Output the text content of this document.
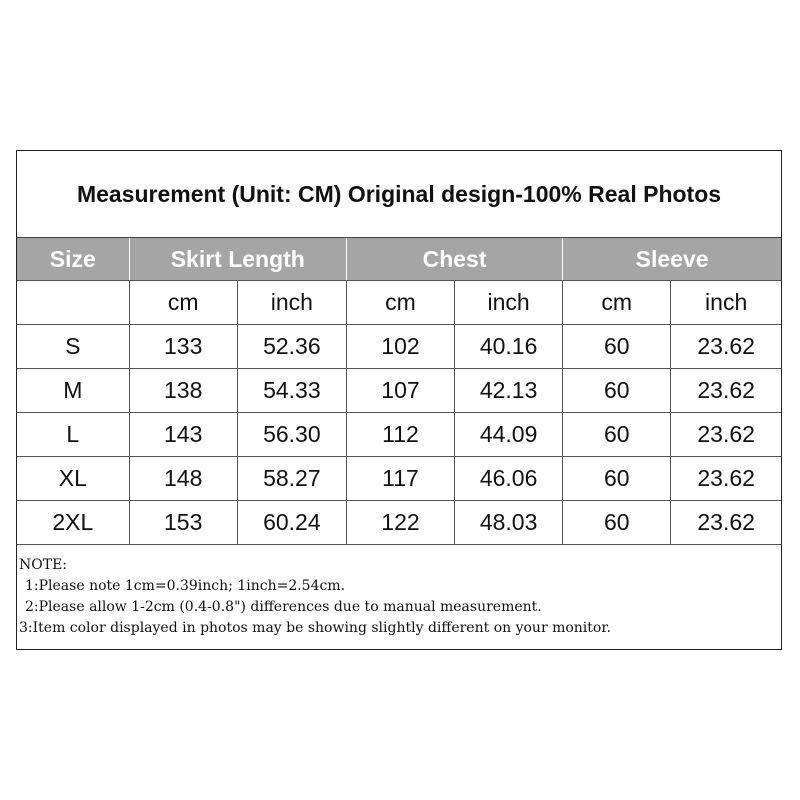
Measurement (Unit: CM) Original design-100% Real Photos
Size	Skirt Length		Chest		Sleeve	
	cm	inch	cm	inch	cm	inch
S	133	52.36	102	40.16	60	23.62
M	138	54.33	107	42.13	60	23.62
L	143	56.30	112	44.09	60	23.62
XL	148	58.27	117	46.06	60	23.62
2XL	153	60.24	122	48.03	60	23.62
NOTE:
1:Please note 1cm=0.39inch; 1inch=2.54cm.
2:Please allow 1-2cm (0.4-0.8") differences due to manual measurement.
3:Item color displayed in photos may be showing slightly different on your monitor.
